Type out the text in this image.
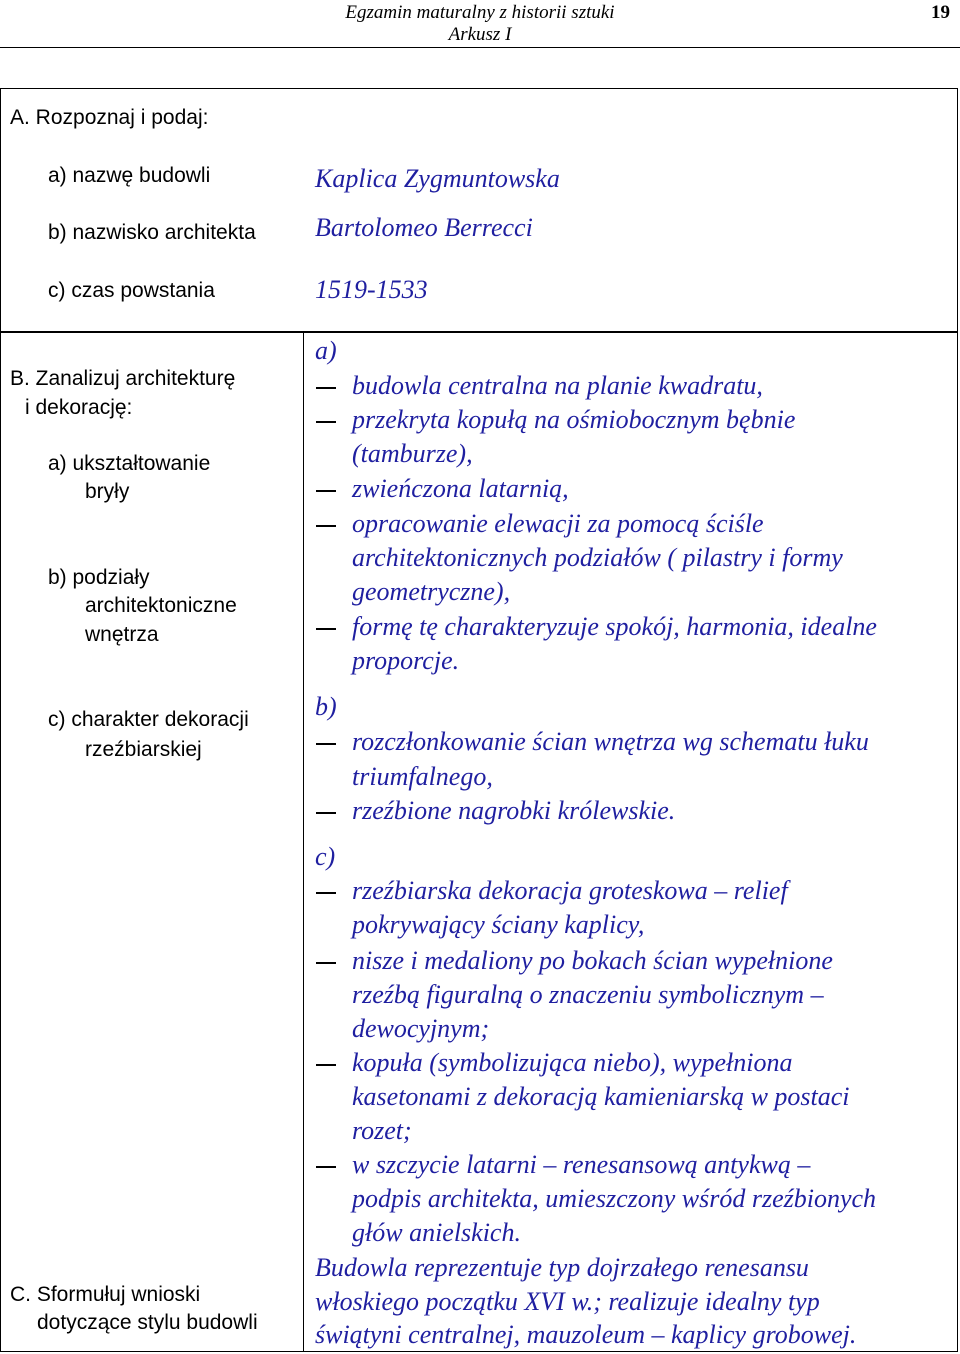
Egzamin maturalny z historii sztuki
Arkusz I
19
A. Rozpoznaj i podaj:
a) nazwę budowli	Kaplica Zygmuntowska
b) nazwisko architekta Bartolomeo Berrecci
c) czas powstania	1519-1533
B. Zanalizuj architekturę
i dekorację:
a) ukształtowanie
bryły
b) podziały
architektoniczne
wnętrza
c) charakter dekoracji
rzeźbiarskiej
a)
budowla centralna na planie kwadratu,
przekryta kopułą na ośmiobocznym bębnie
(tamburze),
zwieńczona latarnią,
opracowanie elewacji za pomocą ściśle
architektonicznych podziałów ( pilastry i formy
geometryczne),
formę tę charakteryzuje spokój, harmonia, idealne
proporcje.
b)
rozczłonkowanie ścian wnętrza wg schematu łuku
triumfalnego,
rzeźbione nagrobki królewskie.
c)
rzeźbiarska dekoracja groteskowa – relief
pokrywający ściany kaplicy,
nisze i medaliony po bokach ścian wypełnione
rzeźbą figuralną o znaczeniu symbolicznym –
dewocyjnym;
kopuła (symbolizująca niebo), wypełniona
kasetonami z dekoracją kamieniarską w postaci
rozet;
w szczycie latarni – renesansową antykwą –
podpis architekta, umieszczony wśród rzeźbionych
głów anielskich.
C. Sformułuj wnioski
dotyczące stylu budowli
Budowla reprezentuje typ dojrzałego renesansu
włoskiego początku XVI w.; realizuje idealny typ
świątyni centralnej, mauzoleum – kaplicy grobowej.
